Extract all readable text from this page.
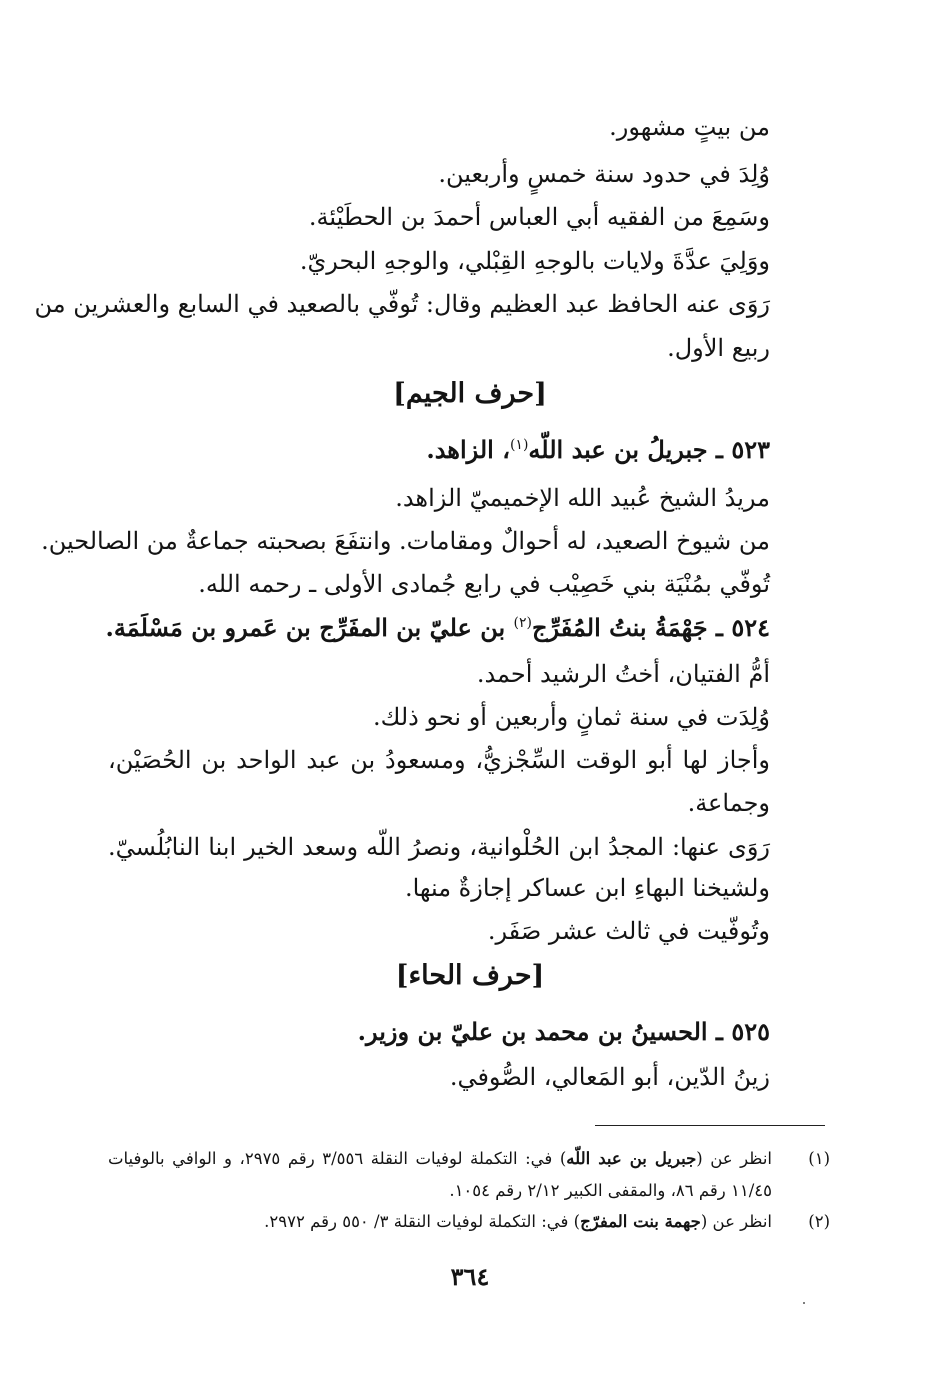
من بيتٍ مشهور.
وُلِدَ في حدود سنة خمسٍ وأربعين.
وسَمِعَ من الفقيه أبي العباس أحمدَ بن الحطَيْئة.
ووَلِيَ عدَّةَ ولايات بالوجهِ القِبْلي، والوجهِ البحريّ.
رَوَى عنه الحافظ عبد العظيم وقال: تُوفّي بالصعيد في السابع والعشرين من
ربيع الأول.
[حرف الجيم]
٥٢٣ ـ جبريلُ بن عبد اللّه$^{(١)}$، الزاهد.
مريدُ الشيخ عُبيد الله الإخميميّ الزاهد.
من شيوخ الصعيد، له أحوالٌ ومقامات. وانتفَعَ بصحبته جماعةٌ من الصالحين.
تُوفّي بمُنْيَة بني خَصِيْب في رابع جُمادى الأولى ـ رحمه الله.
٥٢٤ ـ جَهْمَةُ بنتُ المُفَرِّج$^{(٢)}$ بن عليّ بن المفَرِّج بن عَمرو بن مَسْلَمَة.
أمُّ الفتيان، أختُ الرشيد أحمد.
وُلِدَت في سنة ثمانٍ وأربعين أو نحو ذلك.
وأجاز لها أبو الوقت السِّجْزيُّ، ومسعودُ بن عبد الواحد بن الحُصَيْن،
وجماعة.
رَوَى عنها: المجدُ ابن الحُلْوانية، ونصرُ اللّه وسعد الخير ابنا النابُلُسيّ.
ولشيخنا البهاءِ ابن عساكر إجازةٌ منها.
وتُوفّيت في ثالث عشر صَفَر.
[حرف الحاء]
٥٢٥ ـ الحسينُ بن محمد بن عليّ بن وزير.
زينُ الدّين، أبو المَعالي، الصُّوفي.
(١)
انظر عن (جبريل بن عبد اللّه) في: التكملة لوفيات النقلة ٣/٥٥٦ رقم ٢٩٧٥، و الوافي بالوفيات
١١/٤٥ رقم ٨٦، والمقفى الكبير ٢/١٢ رقم ١٠٥٤.
(٢)
انظر عن (جهمة بنت المفرّج) في: التكملة لوفيات النقلة ٣/ ٥٥٠ رقم ٢٩٧٢.
٣٦٤
